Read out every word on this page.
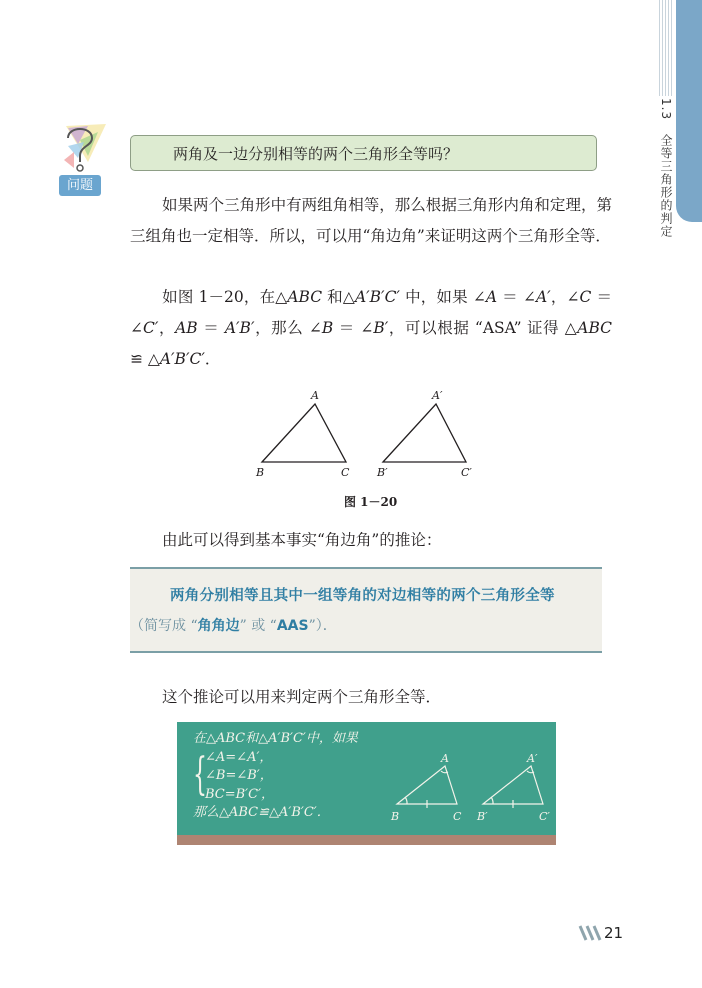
1.3全等三角形的判定
问题
两角及一边分别相等的两个三角形全等吗？
如果两个三角形中有两组角相等，那么根据三角形内角和定理，第三组角也一定相等．所以，可以用“角边角”来证明这两个三角形全等．
如图 1－20，在△ABC 和△A′B′C′ 中，如果 ∠A ＝ ∠A′，∠C ＝ ∠C′，AB ＝ A′B′，那么 ∠B ＝ ∠B′，可以根据 “ASA” 证得 △ABC ≌ △A′B′C′．
A
B	C
A′
B′	C′
图 1－20
由此可以得到基本事实“角边角”的推论：
两角分别相等且其中一组等角的对边相等的两个三角形全等
（简写成 “角角边” 或 “AAS”）．
这个推论可以用来判定两个三角形全等．
在△ABC和△A′B′C′中，如果
{
∠A=∠A′，
∠B=∠B′，
BC=B′C′，
那么△ABC≌△A′B′C′．
A
B	C
A′
B′	C′
21
